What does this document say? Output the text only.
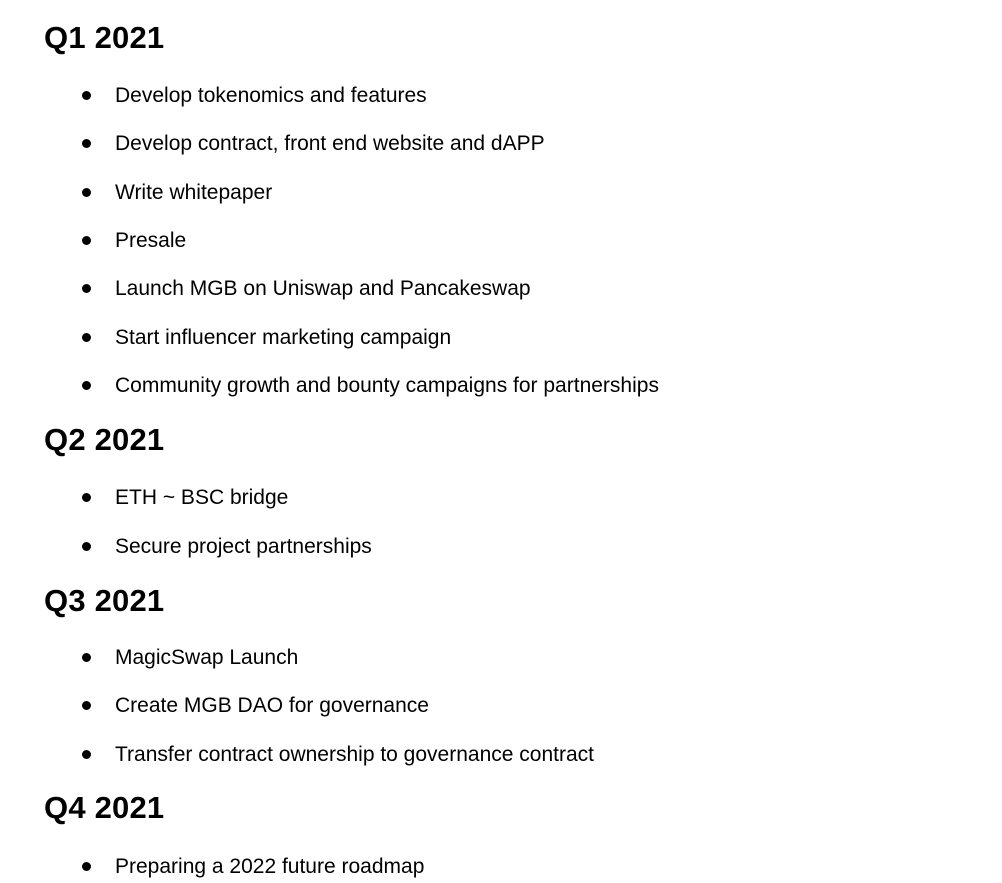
Q1 2021
Develop tokenomics and features
Develop contract, front end website and dAPP
Write whitepaper
Presale
Launch MGB on Uniswap and Pancakeswap
Start influencer marketing campaign
Community growth and bounty campaigns for partnerships
Q2 2021
ETH ~ BSC bridge
Secure project partnerships
Q3 2021
MagicSwap Launch
Create MGB DAO for governance
Transfer contract ownership to governance contract
Q4 2021
Preparing a 2022 future roadmap
